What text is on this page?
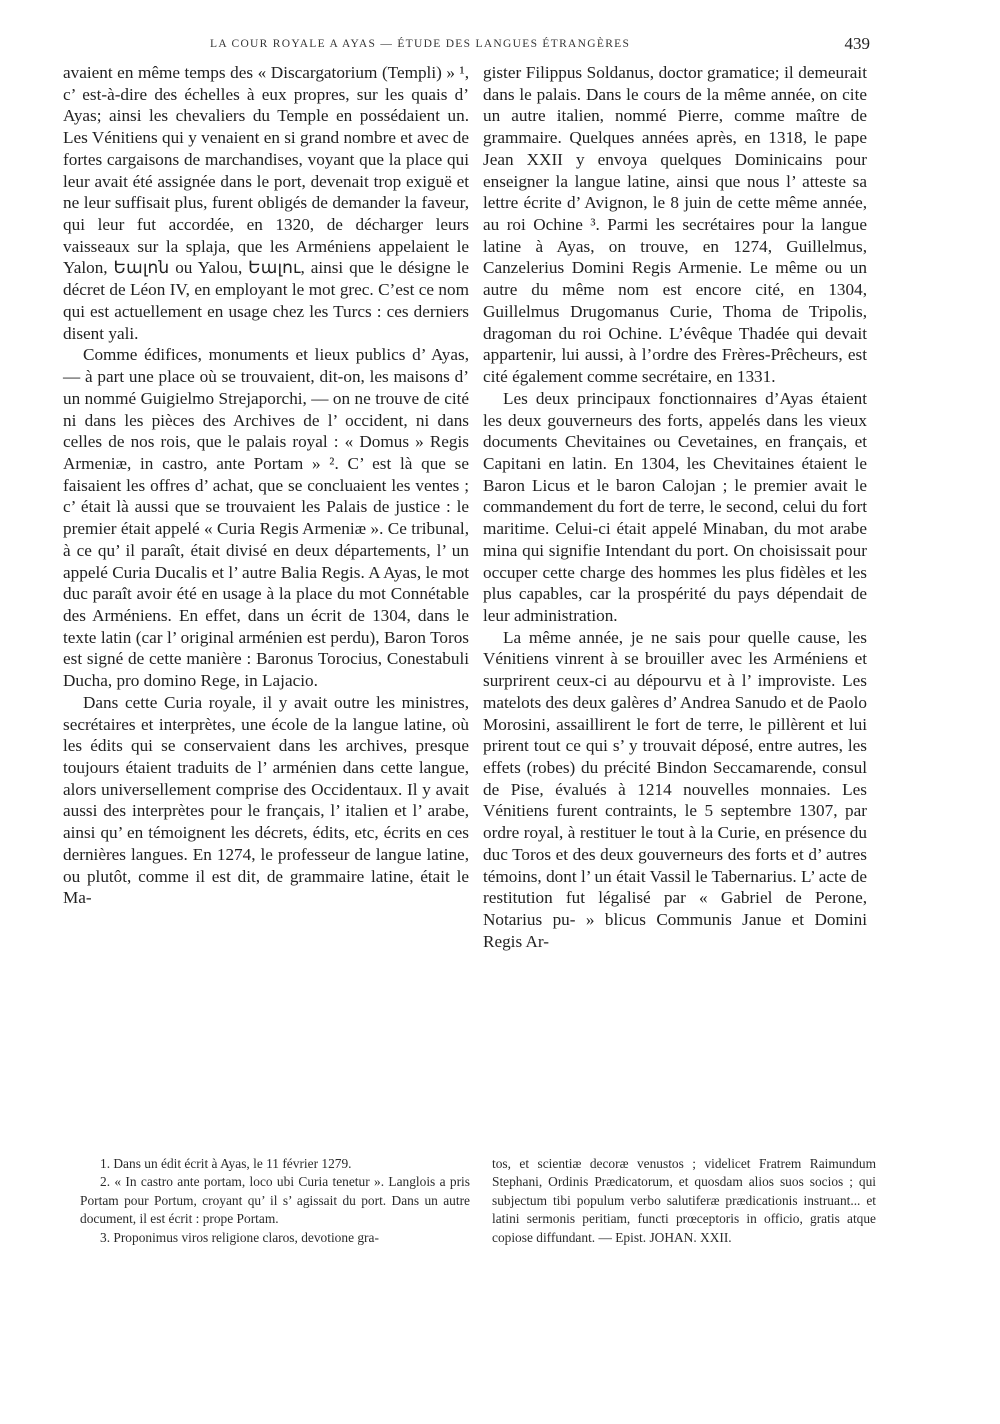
LA COUR ROYALE A AYAS — ÉTUDE DES LANGUES ÉTRANGÈRES	439

avaient en même temps des « Discargatorium (Templi) » ¹, c’ est-à-dire des échelles à eux propres, sur les quais d’ Ayas; ainsi les chevaliers du Temple en possédaient un. Les Vénitiens qui y venaient en si grand nombre et avec de fortes cargaisons de marchandises, voyant que la place qui leur avait été assignée dans le port, devenait trop exiguë et ne leur suffisait plus, furent obligés de demander la faveur, qui leur fut accordée, en 1320, de décharger leurs vaisseaux sur la splaja, que les Arméniens appelaient le Yalon, Եալոն ou Yalou, Եալու, ainsi que le désigne le décret de Léon IV, en employant le mot grec. C’est ce nom qui est actuellement en usage chez les Turcs : ces derniers disent yali.

Comme édifices, monuments et lieux publics d’ Ayas, — à part une place où se trouvaient, dit-on, les maisons d’ un nommé Guigielmo Strejaporchi, — on ne trouve de cité ni dans les pièces des Archives de l’ occident, ni dans celles de nos rois, que le palais royal : « Domus » Regis Armeniæ, in castro, ante Portam » ². C’ est là que se faisaient les offres d’ achat, que se concluaient les ventes ; c’ était là aussi que se trouvaient les Palais de justice : le premier était appelé « Curia Regis Armeniæ ». Ce tribunal, à ce qu’ il paraît, était divisé en deux départements, l’ un appelé Curia Ducalis et l’ autre Balia Regis. A Ayas, le mot duc paraît avoir été en usage à la place du mot Connétable des Arméniens. En effet, dans un écrit de 1304, dans le texte latin (car l’ original arménien est perdu), Baron Toros est signé de cette manière : Baronus Torocius, Conestabuli Ducha, pro domino Rege, in Lajacio.

Dans cette Curia royale, il y avait outre les ministres, secrétaires et interprètes, une école de la langue latine, où les édits qui se conservaient dans les archives, presque toujours étaient traduits de l’ arménien dans cette langue, alors universellement comprise des Occidentaux. Il y avait aussi des interprètes pour le français, l’ italien et l’ arabe, ainsi qu’ en témoignent les décrets, édits, etc, écrits en ces dernières langues. En 1274, le professeur de langue latine, ou plutôt, comme il est dit, de grammaire latine, était le Ma-

gister Filippus Soldanus, doctor gramatice; il demeurait dans le palais. Dans le cours de la même année, on cite un autre italien, nommé Pierre, comme maître de grammaire. Quelques années après, en 1318, le pape Jean XXII y envoya quelques Dominicains pour enseigner la langue latine, ainsi que nous l’ atteste sa lettre écrite d’ Avignon, le 8 juin de cette même année, au roi Ochine ³. Parmi les secrétaires pour la langue latine à Ayas, on trouve, en 1274, Guillelmus, Canzelerius Domini Regis Armenie. Le même ou un autre du même nom est encore cité, en 1304, Guillelmus Drugomanus Curie, Thoma de Tripolis, dragoman du roi Ochine. L’évêque Thadée qui devait appartenir, lui aussi, à l’ordre des Frères-Prêcheurs, est cité également comme secrétaire, en 1331.

Les deux principaux fonctionnaires d’Ayas étaient les deux gouverneurs des forts, appelés dans les vieux documents Chevitaines ou Cevetaines, en français, et Capitani en latin. En 1304, les Chevitaines étaient le Baron Licus et le baron Calojan ; le premier avait le commandement du fort de terre, le second, celui du fort maritime. Celui-ci était appelé Minaban, du mot arabe mina qui signifie Intendant du port. On choisissait pour occuper cette charge des hommes les plus fidèles et les plus capables, car la prospérité du pays dépendait de leur administration.

La même année, je ne sais pour quelle cause, les Vénitiens vinrent à se brouiller avec les Arméniens et surprirent ceux-ci au dépourvu et à l’ improviste. Les matelots des deux galères d’ Andrea Sanudo et de Paolo Morosini, assaillirent le fort de terre, le pillèrent et lui prirent tout ce qui s’ y trouvait déposé, entre autres, les effets (robes) du précité Bindon Seccamarende, consul de Pise, évalués à 1214 nouvelles monnaies. Les Vénitiens furent contraints, le 5 septembre 1307, par ordre royal, à restituer le tout à la Curie, en présence du duc Toros et des deux gouverneurs des forts et d’ autres témoins, dont l’ un était Vassil le Tabernarius. L’ acte de restitution fut légalisé par « Gabriel de Perone, Notarius pu- » blicus Communis Janue et Domini Regis Ar-

1. Dans un édit écrit à Ayas, le 11 février 1279.

2. « In castro ante portam, loco ubi Curia tenetur ». Langlois a pris Portam pour Portum, croyant qu’ il s’ agissait du port. Dans un autre document, il est écrit : prope Portam.

3. Proponimus viros religione claros, devotione gra-

tos, et scientiæ decoræ venustos ; videlicet Fratrem Raimundum Stephani, Ordinis Prædicatorum, et quosdam alios suos socios ; qui subjectum tibi populum verbo salutiferæ prædicationis instruant... et latini sermonis peritiam, functi prœceptoris in officio, gratis atque copiose diffundant. — Epist. JOHAN. XXII.
